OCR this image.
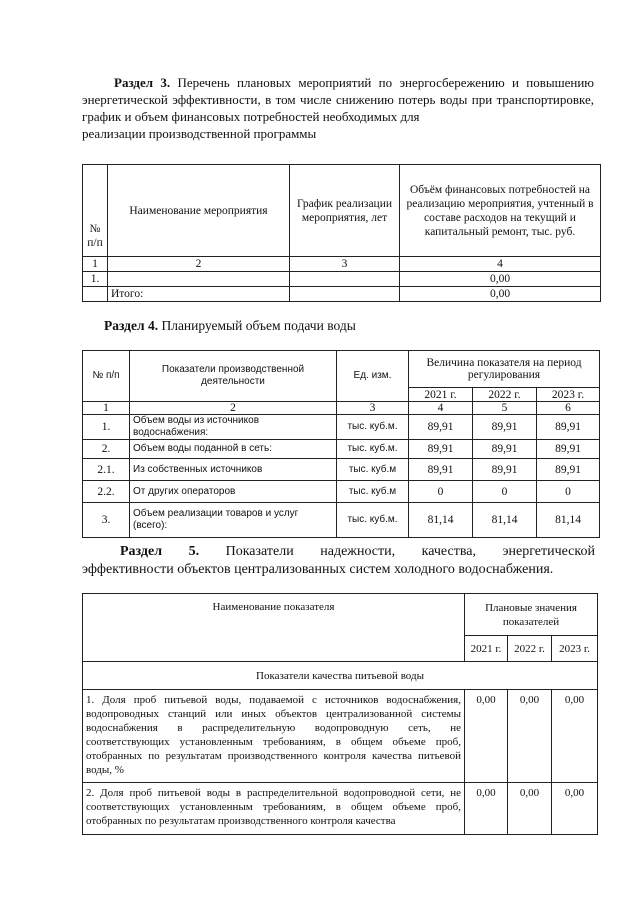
Раздел 3. Перечень плановых мероприятий по энергосбережению и повышению энергетической эффективности, в том числе снижению потерь воды при транспортировке, график и объем финансовых потребностей необходимых для

реализации производственной программы

№ п/п	Наименование мероприятия	График реализации мероприятия, лет	Объём финансовых потребностей на реализацию мероприятия, учтенный в составе расходов на текущий и капитальный ремонт, тыс. руб.
1	2	3	4
1.			0,00
	Итого:		0,00
Раздел 4. Планируемый объем подачи воды
№ п/п	Показатели производственной деятельности	Ед. изм.	Величина показателя на период регулирования		
			2021 г.	2022 г.	2023 г.
1	2	3	4	5	6
1.	Объем воды из источников водоснабжения:	тыс. куб.м.	89,91	89,91	89,91
2.	Объем воды поданной в сеть:	тыс. куб.м.	89,91	89,91	89,91
2.1.	Из собственных источников	тыс. куб.м	89,91	89,91	89,91
2.2.	От других операторов	тыс. куб.м	0	0	0
3.	Объем реализации товаров и услуг (всего):	тыс. куб.м.	81,14	81,14	81,14
Раздел 5. Показатели надежности, качества, энергетической
эффективности объектов централизованных систем холодного водоснабжения.
Наименование показателя	Плановые значения показателей		
	2021 г.	2022 г.	2023 г.
Показатели качества питьевой воды			
1. Доля проб питьевой воды, подаваемой с источников водоснабжения, водопроводных станций или иных объектов централизованной системы водоснабжения в распределительную водопроводную сеть, не соответствующих установленным требованиям, в общем объеме проб, отобранных по результатам производственного контроля качества питьевой воды, %	0,00	0,00	0,00
2. Доля проб питьевой воды в распределительной водопроводной сети, не соответствующих установленным требованиям, в общем объеме проб, отобранных по результатам производственного контроля качества	0,00	0,00	0,00
